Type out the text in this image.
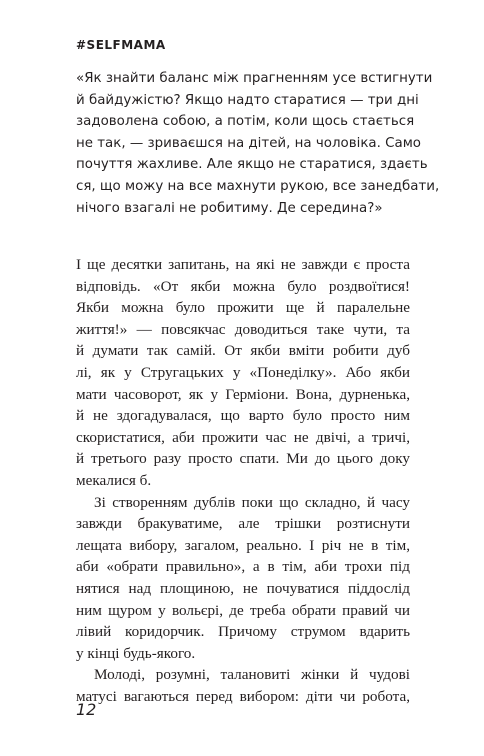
#SELFMAMA
«Як знайти баланс між прагненням усе встигнути
й байдужістю? Якщо надто старатися — три дні
задоволена собою, а потім, коли щось стається
не так, — зриваєшся на дітей, на чоловіка. Само
почуття жахливе. Але якщо не старатися, здаєть
ся, що можу на все махнути рукою, все занедбати,
нічого взагалі не робитиму. Де середина?»
І ще десятки запитань, на які не завжди є проста
відповідь. «От якби можна було роздвоїтися!
Якби можна було прожити ще й паралельне
життя!» — повсякчас доводиться таке чути, та
й думати так самій. От якби вміти робити дуб
лі, як у Стругацьких у «Понеділку». Або якби
мати часоворот, як у Герміони. Вона, дурненька,
й не здогадувалася, що варто було просто ним
скористатися, аби прожити час не двічі, а тричі,
й третього разу просто спати. Ми до цього доку
мекалися б.
Зі створенням дублів поки що складно, й часу
завжди бракуватиме, але трішки розтиснути
лещата вибору, загалом, реально. І річ не в тім,
аби «обрати правильно», а в тім, аби трохи під
нятися над площиною, не почуватися піддослід
ним щуром у вольєрі, де треба обрати правий чи
лівий коридорчик. Причому струмом вдарить
у кінці будь-якого.
Молоді, розумні, талановиті жінки й чудові
матусі вагаються перед вибором: діти чи робота,
12
